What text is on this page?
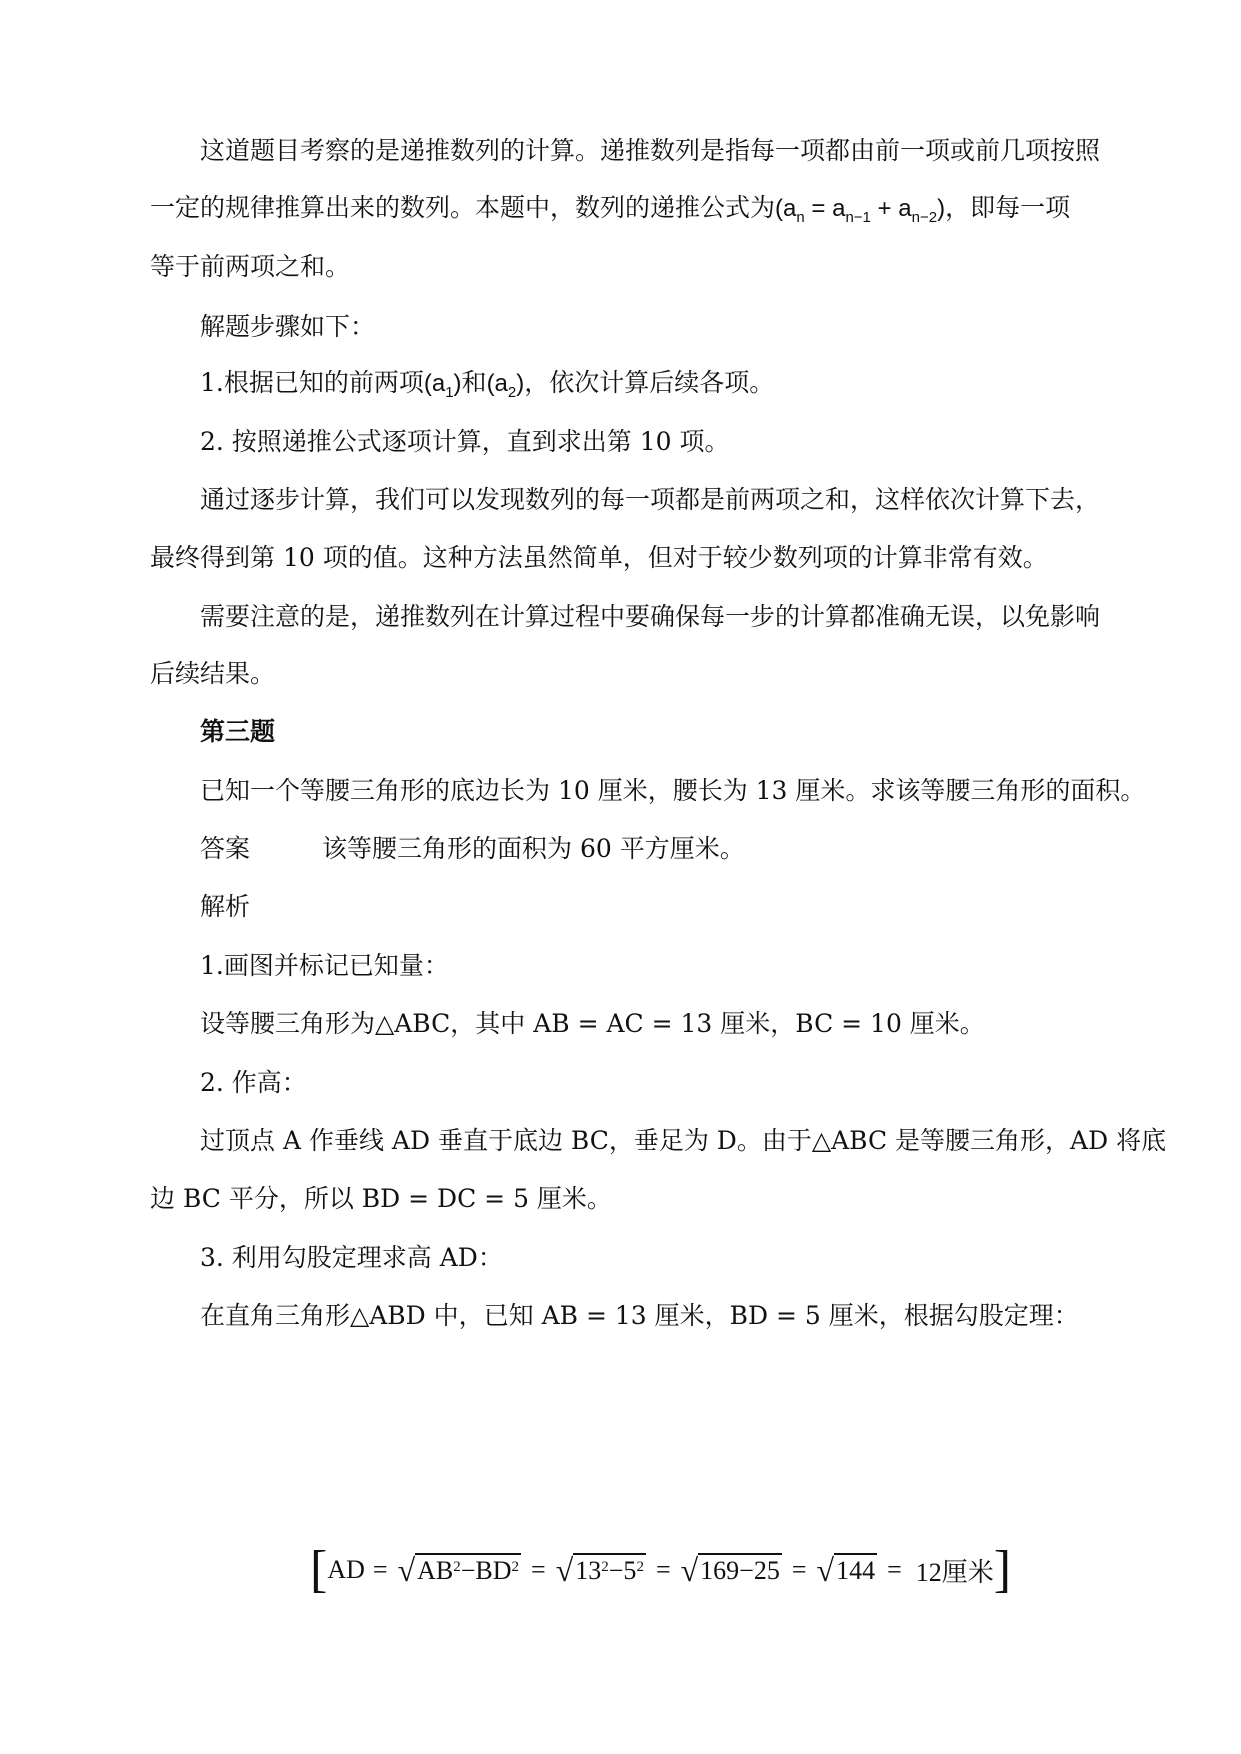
这道题目考察的是递推数列的计算。递推数列是指每一项都由前一项或前几项按照
一定的规律推算出来的数列。本题中，数列的递推公式为$(a_n = a_{n-1} + a_{n-2})$，即每一项
等于前两项之和。
解题步骤如下：
1.根据已知的前两项$(a_1)$和$(a_2)$，依次计算后续各项。
2. 按照递推公式逐项计算，直到求出第 10 项。
通过逐步计算，我们可以发现数列的每一项都是前两项之和，这样依次计算下去，
最终得到第 10 项的值。这种方法虽然简单，但对于较少数列项的计算非常有效。
需要注意的是，递推数列在计算过程中要确保每一步的计算都准确无误，以免影响
后续结果。
第三题
已知一个等腰三角形的底边长为 10 厘米，腰长为 13 厘米。求该等腰三角形的面积。
答案	该等腰三角形的面积为 60 平方厘米。
解析
1.画图并标记已知量：
设等腰三角形为△ABC，其中 AB = AC = 13 厘米，BC = 10 厘米。
2. 作高：
过顶点 A 作垂线 AD 垂直于底边 BC，垂足为 D。由于△ABC 是等腰三角形，AD 将底
边 BC 平分，所以 BD = DC = 5 厘米。
3. 利用勾股定理求高 AD：
在直角三角形△ABD 中，已知 AB = 13 厘米，BD = 5 厘米，根据勾股定理：
[ AD = √ $AB^2-BD^2$ = √ $13^2-5^2$ = √ 169−25 = √ 144 = 12厘米 ]
